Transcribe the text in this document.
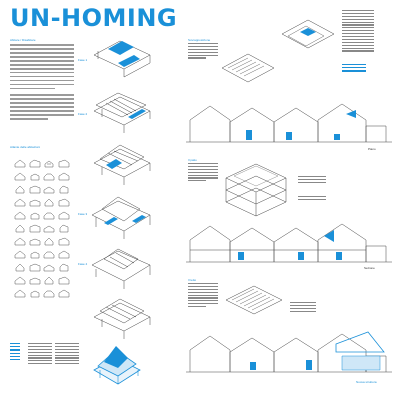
UN-HOMING
Abitare / Disabitare
Atlante delle abitazioni
Fase 1
Fase 2
Fase 3
Fase 4
Sovrapposizione
Piano
Il patio
Sezione
Il tetto
Nuova struttura
